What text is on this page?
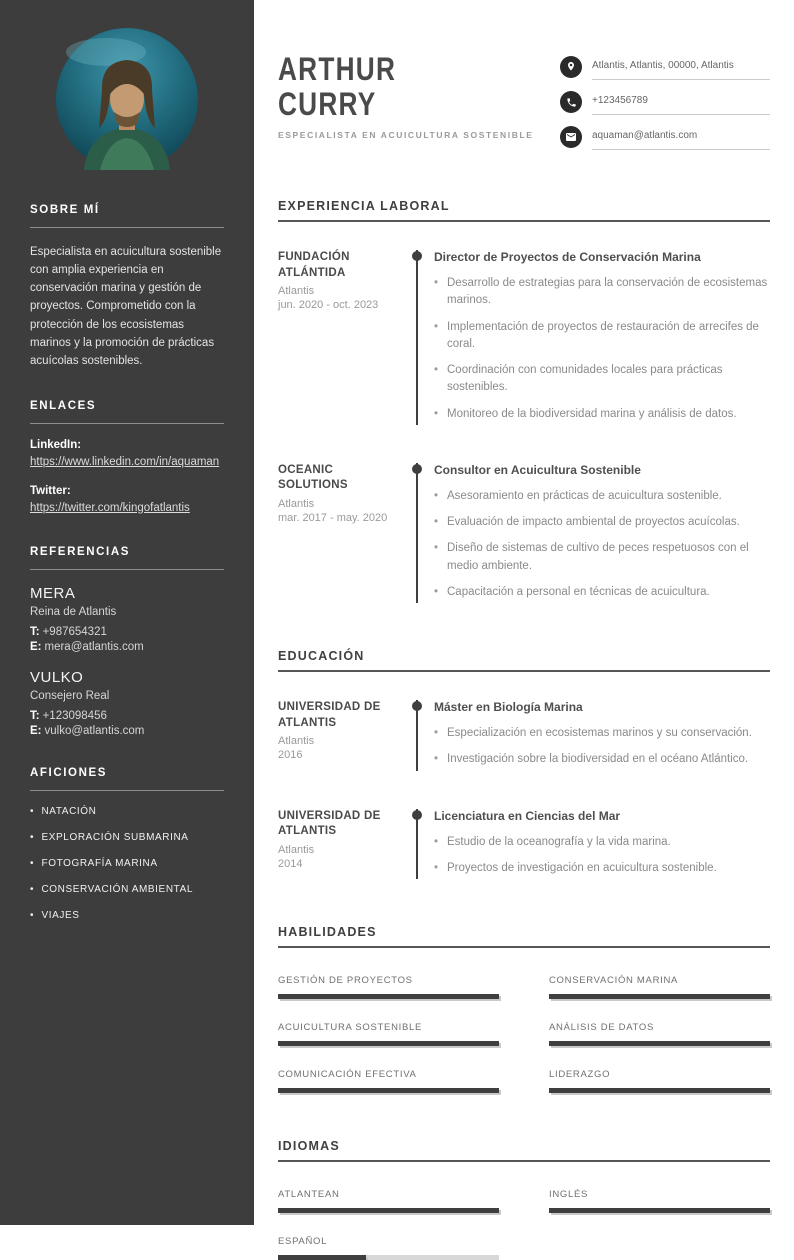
SOBRE MÍ

Especialista en acuicultura sostenible con amplia experiencia en conservación marina y gestión de proyectos. Comprometido con la protección de los ecosistemas marinos y la promoción de prácticas acuícolas sostenibles.

ENLACES
LinkedIn:
https://www.linkedin.com/in/aquaman
Twitter:
https://twitter.com/kingofatlantis
REFERENCIAS
MERA
Reina de Atlantis
T: +987654321
E: mera@atlantis.com
VULKO
Consejero Real
T: +123098456
E: vulko@atlantis.com
AFICIONES
• NATACIÓN
• EXPLORACIÓN SUBMARINA
• FOTOGRAFÍA MARINA
• CONSERVACIÓN AMBIENTAL
• VIAJES
ARTHUR
CURRY
ESPECIALISTA EN ACUICULTURA SOSTENIBLE
Atlantis, Atlantis, 00000, Atlantis
+123456789
aquaman@atlantis.com
EXPERIENCIA LABORAL
FUNDACIÓN ATLÁNTIDA
Atlantis
jun. 2020 - oct. 2023
Director de Proyectos de Conservación Marina
• Desarrollo de estrategias para la conservación de ecosistemas marinos.
• Implementación de proyectos de restauración de arrecifes de coral.
• Coordinación con comunidades locales para prácticas sostenibles.
• Monitoreo de la biodiversidad marina y análisis de datos.
OCEANIC SOLUTIONS
Atlantis
mar. 2017 - may. 2020
Consultor en Acuicultura Sostenible
• Asesoramiento en prácticas de acuicultura sostenible.
• Evaluación de impacto ambiental de proyectos acuícolas.
• Diseño de sistemas de cultivo de peces respetuosos con el medio ambiente.
• Capacitación a personal en técnicas de acuicultura.
EDUCACIÓN
UNIVERSIDAD DE ATLANTIS
Atlantis
2016
Máster en Biología Marina
• Especialización en ecosistemas marinos y su conservación.
• Investigación sobre la biodiversidad en el océano Atlántico.
UNIVERSIDAD DE ATLANTIS
Atlantis
2014
Licenciatura en Ciencias del Mar
• Estudio de la oceanografía y la vida marina.
• Proyectos de investigación en acuicultura sostenible.
HABILIDADES
GESTIÓN DE PROYECTOS	CONSERVACIÓN MARINA
ACUICULTURA SOSTENIBLE	ANÁLISIS DE DATOS
COMUNICACIÓN EFECTIVA	LIDERAZGO
IDIOMAS
ATLANTEAN	INGLÉS
ESPAÑOL
